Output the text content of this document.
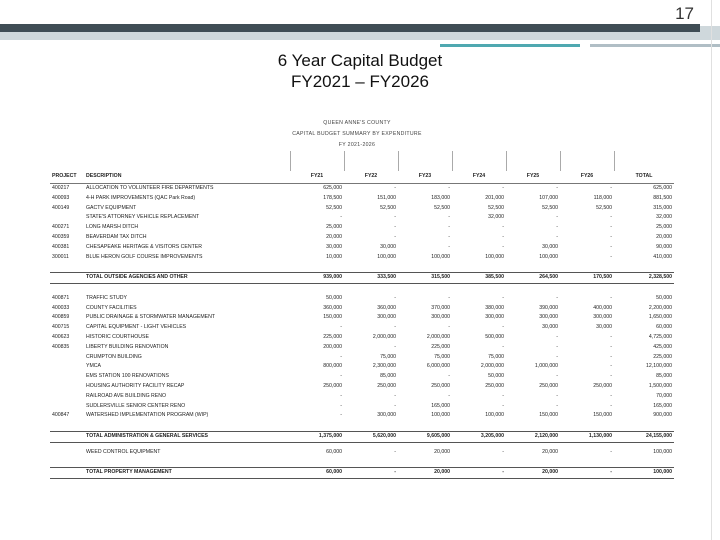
17
6 Year Capital Budget
FY2021 – FY2026
QUEEN ANNE'S COUNTY
CAPITAL BUDGET SUMMARY BY EXPENDITURE
FY 2021-2026

PROJECT	DESCRIPTION	FY21	FY22	FY23	FY24	FY25	FY26	TOTAL
400217	ALLOCATION TO VOLUNTEER FIRE DEPARTMENTS	625,000	-	-	-	-	-	625,000
400093	4-H PARK IMPROVEMENTS (QAC Park Road)	178,500	151,000	183,000	201,000	107,000	118,000	881,500
400149	GACTV EQUIPMENT	52,500	52,500	52,500	52,500	52,500	52,500	315,000
	STATE'S ATTORNEY VEHICLE REPLACEMENT	-	-	-	32,000	-	-	32,000
400271	LONG MARSH DITCH	25,000	-	-	-	-	-	25,000
400359	BEAVERDAM TAX DITCH	20,000	-	-	-	-	-	20,000
400381	CHESAPEAKE HERITAGE & VISITORS CENTER	30,000	30,000	-	-	30,000	-	90,000
300011	BLUE HERON GOLF COURSE IMPROVEMENTS	10,000	100,000	100,000	100,000	100,000	-	410,000

	TOTAL OUTSIDE AGENCIES AND OTHER	939,000	333,500	315,500	385,500	264,500	170,500	2,328,500

400871	TRAFFIC STUDY	50,000	-	-	-	-	-	50,000
400033	COUNTY FACILITIES	360,000	360,000	370,000	380,000	390,000	400,000	2,200,000
400859	PUBLIC DRAINAGE & STORMWATER MANAGEMENT	150,000	300,000	300,000	300,000	300,000	300,000	1,650,000
400715	CAPITAL EQUIPMENT - LIGHT VEHICLES	-	-	-	-	30,000	30,000	60,000
400623	HISTORIC COURTHOUSE	225,000	2,000,000	2,000,000	500,000	-	-	4,725,000
400835	LIBERTY BUILDING RENOVATION	200,000	-	225,000	-	-	-	425,000
	CRUMPTON BUILDING	-	75,000	75,000	75,000	-	-	225,000
	YMCA	800,000	2,300,000	6,000,000	2,000,000	1,000,000	-	12,100,000
	EMS STATION 100 RENOVATIONS	-	85,000	-	50,000	-	-	85,000
	HOUSING AUTHORITY FACILITY RECAP	250,000	250,000	250,000	250,000	250,000	250,000	1,500,000
	RAILROAD AVE BUILDING RENO	-	-	-	-	-	-	70,000
	SUDLERSVILLE SENIOR CENTER RENO	-	-	165,000	-	-	-	165,000
400847	WATERSHED IMPLEMENTATION PROGRAM (WIP)	-	300,000	100,000	100,000	150,000	150,000	900,000

	TOTAL ADMINISTRATION & GENERAL SERVICES	1,375,000	5,620,000	9,605,000	3,205,000	2,120,000	1,130,000	24,155,000

	WEED CONTROL EQUIPMENT	60,000	-	20,000	-	20,000	-	100,000

	TOTAL PROPERTY MANAGEMENT	60,000	-	20,000	-	20,000	-	100,000
